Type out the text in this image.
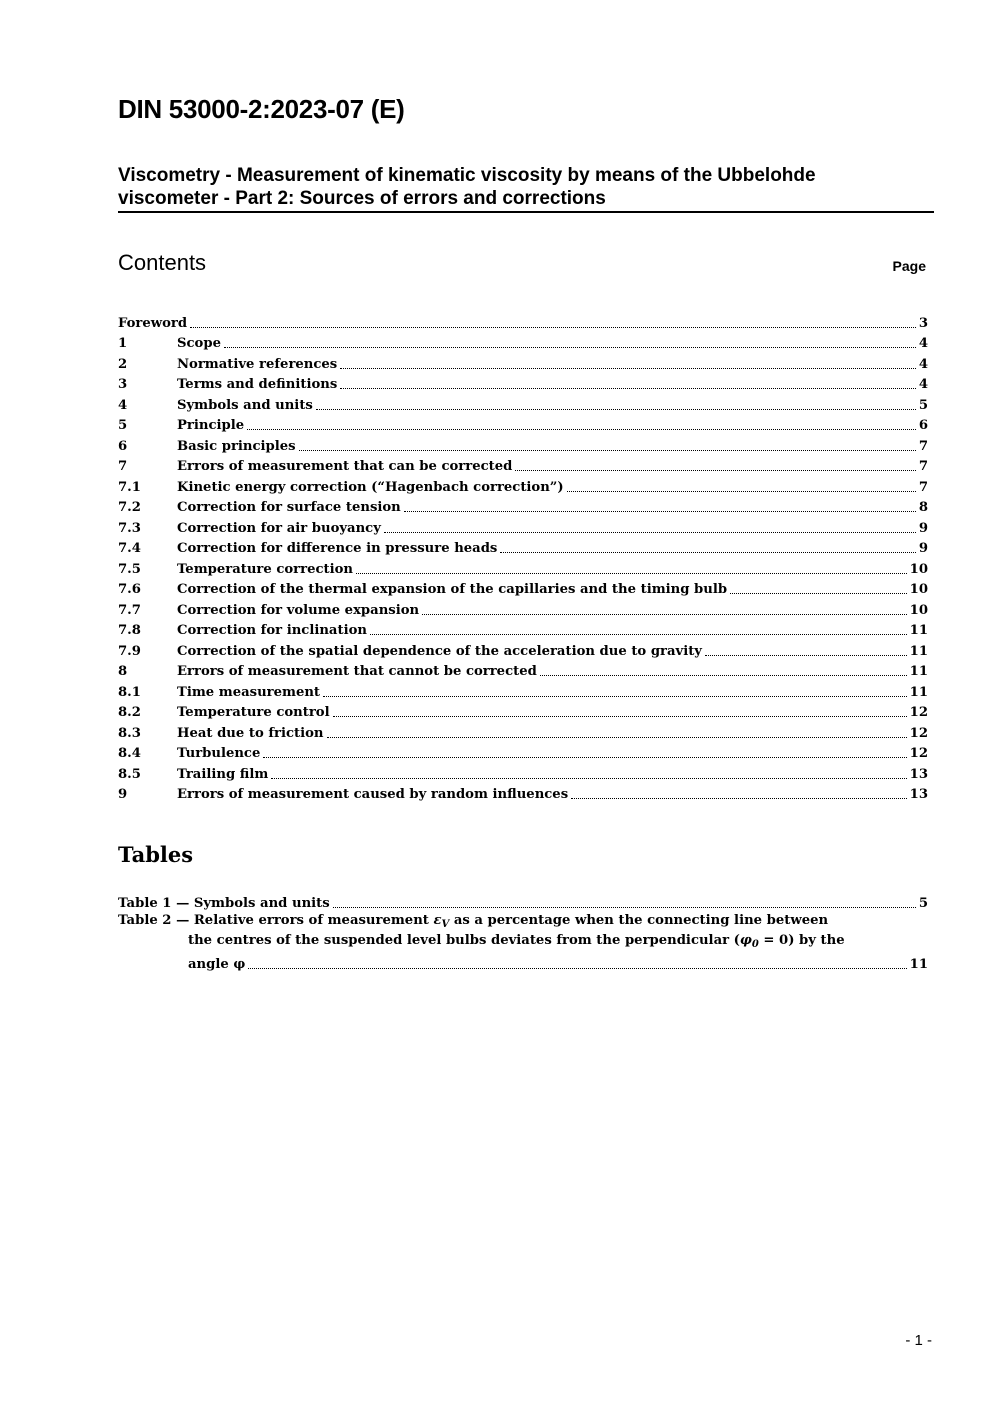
DIN 53000-2:2023-07 (E)
Viscometry - Measurement of kinematic viscosity by means of the Ubbelohde
viscometer - Part 2: Sources of errors and corrections
Contents	Page
Foreword	3
1	Scope	4
2	Normative references	4
3	Terms and definitions	4
4	Symbols and units	5
5	Principle	6
6	Basic principles	7
7	Errors of measurement that can be corrected	7
7.1	Kinetic energy correction (“Hagenbach correction”)	7
7.2	Correction for surface tension	8
7.3	Correction for air buoyancy	9
7.4	Correction for difference in pressure heads	9
7.5	Temperature correction	10
7.6	Correction of the thermal expansion of the capillaries and the timing bulb	10
7.7	Correction for volume expansion	10
7.8	Correction for inclination	11
7.9	Correction of the spatial dependence of the acceleration due to gravity	11
8	Errors of measurement that cannot be corrected	11
8.1	Time measurement	11
8.2	Temperature control	12
8.3	Heat due to friction	12
8.4	Turbulence	12
8.5	Trailing film	13
9	Errors of measurement caused by random influences	13
Tables
Table 1 — Symbols and units	5
Table 2 — Relative errors of measurement $\varepsilon_V$ as a percentage when the connecting line between
the centres of the suspended level bulbs deviates from the perpendicular $(\varphi_0 = 0)$ by the
angle φ	11
- 1 -
